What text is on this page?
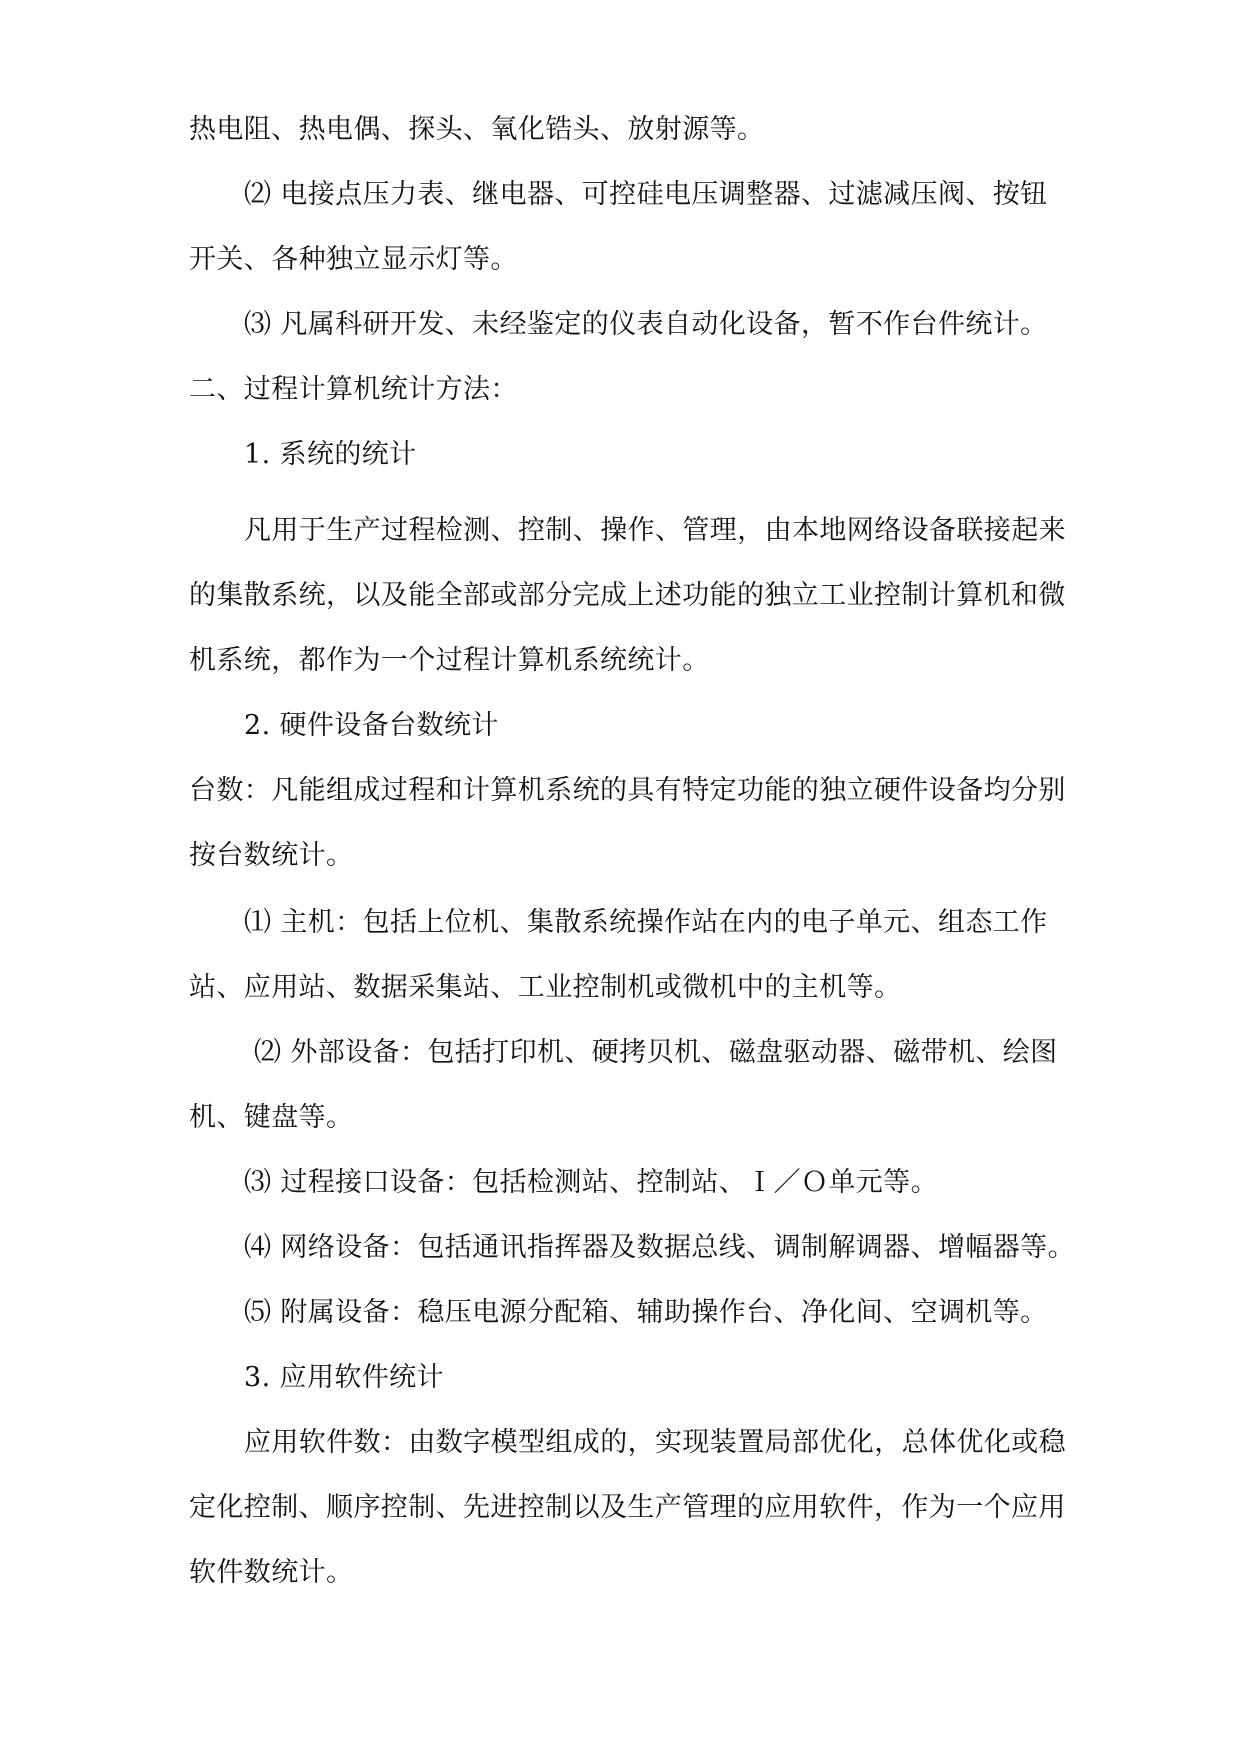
热电阻、热电偶、探头、氧化锆头、放射源等。
⑵ 电接点压力表、继电器、可控硅电压调整器、过滤减压阀、按钮
开关、各种独立显示灯等。
⑶ 凡属科研开发、未经鉴定的仪表自动化设备，暂不作台件统计。
二、过程计算机统计方法：
1. 系统的统计
凡用于生产过程检测、控制、操作、管理，由本地网络设备联接起来
的集散系统，以及能全部或部分完成上述功能的独立工业控制计算机和微
机系统，都作为一个过程计算机系统统计。
2. 硬件设备台数统计
台数：凡能组成过程和计算机系统的具有特定功能的独立硬件设备均分别
按台数统计。
⑴ 主机：包括上位机、集散系统操作站在内的电子单元、组态工作
站、应用站、数据采集站、工业控制机或微机中的主机等。
⑵ 外部设备：包括打印机、硬拷贝机、磁盘驱动器、磁带机、绘图
机、键盘等。
⑶ 过程接口设备：包括检测站、控制站、Ｉ／Ｏ单元等。
⑷ 网络设备：包括通讯指挥器及数据总线、调制解调器、增幅器等。
⑸ 附属设备：稳压电源分配箱、辅助操作台、净化间、空调机等。
3. 应用软件统计
应用软件数：由数字模型组成的，实现装置局部优化，总体优化或稳
定化控制、顺序控制、先进控制以及生产管理的应用软件，作为一个应用
软件数统计。
